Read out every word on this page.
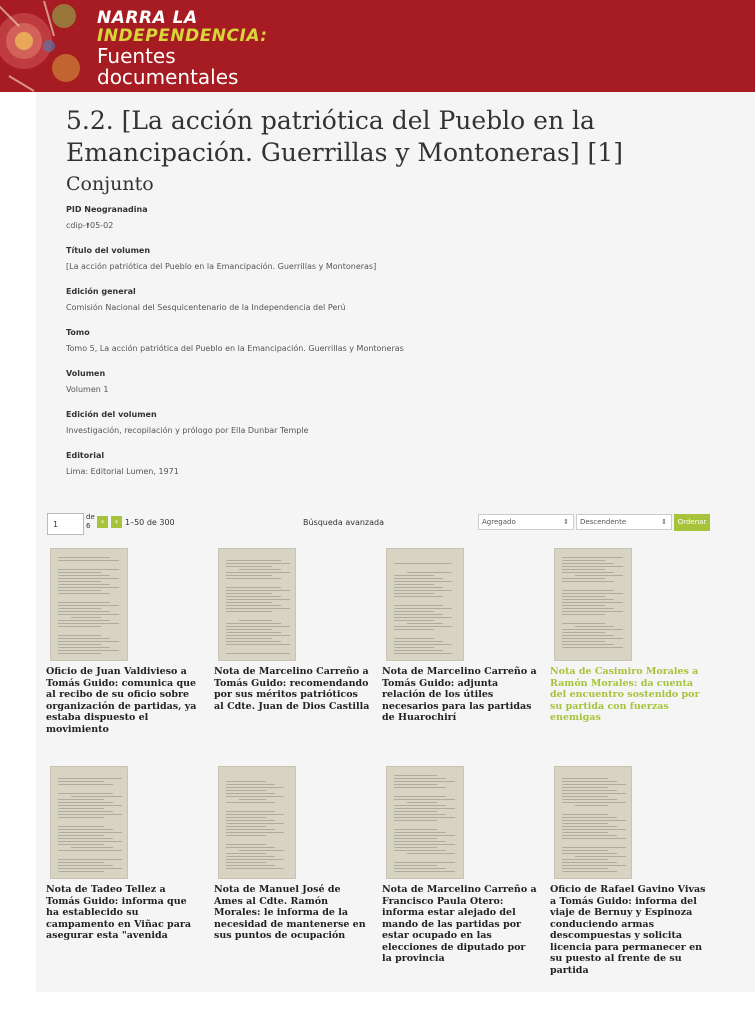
NARRA LA
INDEPENDENCIA:
Fuentes
documentales
5.2. [La acción patriótica del Pueblo en la Emancipación. Guerrillas y Montoneras] [1]
Conjunto
PID Neogranadina
cdip-🠩05-02
Título del volumen
[La acción patriótica del Pueblo en la Emancipación. Guerrillas y Montoneras]
Edición general
Comisión Nacional del Sesquicentenario de la Independencia del Perú
Tomo
Tomo 5, La acción patriótica del Pueblo en la Emancipación. Guerrillas y Montoneras
Volumen
Volumen 1
Edición del volumen
Investigación, recopilación y prólogo por Ella Dunbar Temple
Editorial
Lima: Editorial Lumen, 1971
1
de
6	‹	› 1–50 de 300	Búsqueda avanzada	Agregado	⇕	Descendente	⇕	Ordenar
Oficio de Juan Valdivieso a Tomás Guido: comunica que al recibo de su oficio sobre organización de partidas, ya estaba dispuesto el movimiento
Nota de Marcelino Carreño a Tomás Guido: recomendando por sus méritos patrióticos al Cdte. Juan de Dios Castilla
Nota de Marcelino Carreño a Tomás Guido: adjunta relación de los útiles necesarios para las partidas de Huarochirí
Nota de Casimiro Morales a Ramón Morales: da cuenta del encuentro sostenido por su partida con fuerzas enemigas
Nota de Tadeo Tellez a Tomás Guido: informa que ha establecido su campamento en Viñac para asegurar esta "avenida
Nota de Manuel José de Ames al Cdte. Ramón Morales: le informa de la necesidad de mantenerse en sus puntos de ocupación
Nota de Marcelino Carreño a Francisco Paula Otero: informa estar alejado del mando de las partidas por estar ocupado en las elecciones de diputado por la provincia
Oficio de Rafael Gavino Vivas a Tomás Guido: informa del viaje de Bernuy y Espinoza conduciendo armas descompuestas y solicita licencia para permanecer en su puesto al frente de su partida
